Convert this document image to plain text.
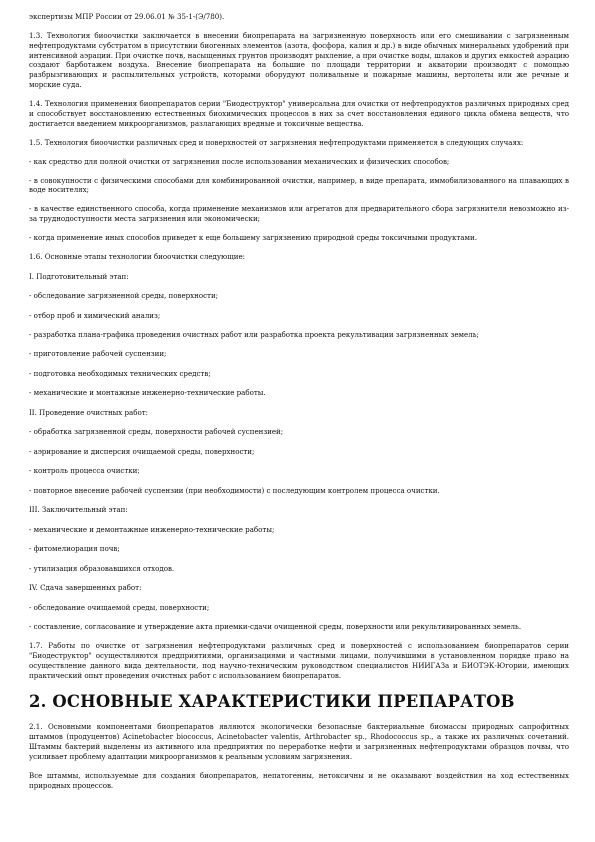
экспертизы МПР России от 29.06.01 № 35-1-(Э/780).

1.3. Технология биоочистки заключается в внесении биопрепарата на загрязненную поверхность или его смешивании с загрязненным нефтепродуктами субстратом в присутствии биогенных элементов (азота, фосфора, калия и др.) в виде обычных минеральных удобрений при интенсивной аэрации. При очистке почв, насыщенных грунтов производят рыхление, а при очистке воды, шлаков и других емкостей аэрацию создают барботажем воздуха. Внесение биопрепарата на большие по площади территории и акватории производят с помощью разбрызгивающих и распылительных устройств, которыми оборудуют поливальные и пожарные машины, вертолеты или же речные и морские суда.

1.4. Технология применения биопрепаратов серии "Биодеструктор" универсальна для очистки от нефтепродуктов различных природных сред и способствует восстановлению естественных биохимических процессов в них за счет восстановления единого цикла обмена веществ, что достигается введением микроорганизмов, разлагающих вредные и токсичные вещества.

1.5. Технология биоочистки различных сред и поверхностей от загрязнения нефтепродуктами применяется в следующих случаях:

- как средство для полной очистки от загрязнения после использования механических и физических способов;

- в совокупности с физическими способами для комбинированной очистки, например, в виде препарата, иммобилизованного на плавающих в воде носителях;

- в качестве единственного способа, когда применение механизмов или агрегатов для предварительного сбора загрязнителя невозможно из-за труднодоступности места загрязнения или экономически;

- когда применение иных способов приведет к еще большему загрязнению природной среды токсичными продуктами.

1.6. Основные этапы технологии биоочистки следующие:

I. Подготовительный этап:

- обследование загрязненной среды, поверхности;

- отбор проб и химический анализ;

- разработка плана-графика проведения очистных работ или разработка проекта рекультивации загрязненных земель;

- приготовление рабочей суспензии;

- подготовка необходимых технических средств;

- механические и монтажные инженерно-технические работы.

II. Проведение очистных работ:

- обработка загрязненной среды, поверхности рабочей суспензией;

- аэрирование и дисперсия очищаемой среды, поверхности;

- контроль процесса очистки;

- повторное внесение рабочей суспензии (при необходимости) с последующим контролем процесса очистки.

III. Заключительный этап:

- механические и демонтажные инженерно-технические работы;

- фитомелиорация почв;

- утилизация образовавшихся отходов.

IV. Сдача завершенных работ:

- обследование очищаемой среды, поверхности;

- составление, согласование и утверждение акта приемки-сдачи очищенной среды, поверхности или рекультивированных земель.

1.7. Работы по очистке от загрязнения нефтепродуктами различных сред и поверхностей с использованием биопрепаратов серии "Биодеструктор" осуществляются предприятиями, организациями и частными лицами, получившими в установленном порядке право на осуществление данного вида деятельности, под научно-техническим руководством специалистов НИИГАЗа и БИОТЭК-Югории, имеющих практический опыт проведения очистных работ с использованием биопрепаратов.

2. ОСНОВНЫЕ ХАРАКТЕРИСТИКИ ПРЕПАРАТОВ

2.1. Основными компонентами биопрепаратов являются экологически безопасные бактериальные биомассы природных сапрофитных штаммов (продуцентов) Acinetobacter biococcus, Acinetobacter valentis, Arthrobacter sp., Rhodococcus sp., а также их различных сочетаний. Штаммы бактерий выделены из активного ила предприятия по переработке нефти и загрязненных нефтепродуктами образцов почвы, что усиливает проблему адаптации микроорганизмов к реальным условиям загрязнения.

Все штаммы, используемые для создания биопрепаратов, непатогенны, нетоксичны и не оказывают воздействия на ход естественных природных процессов.
